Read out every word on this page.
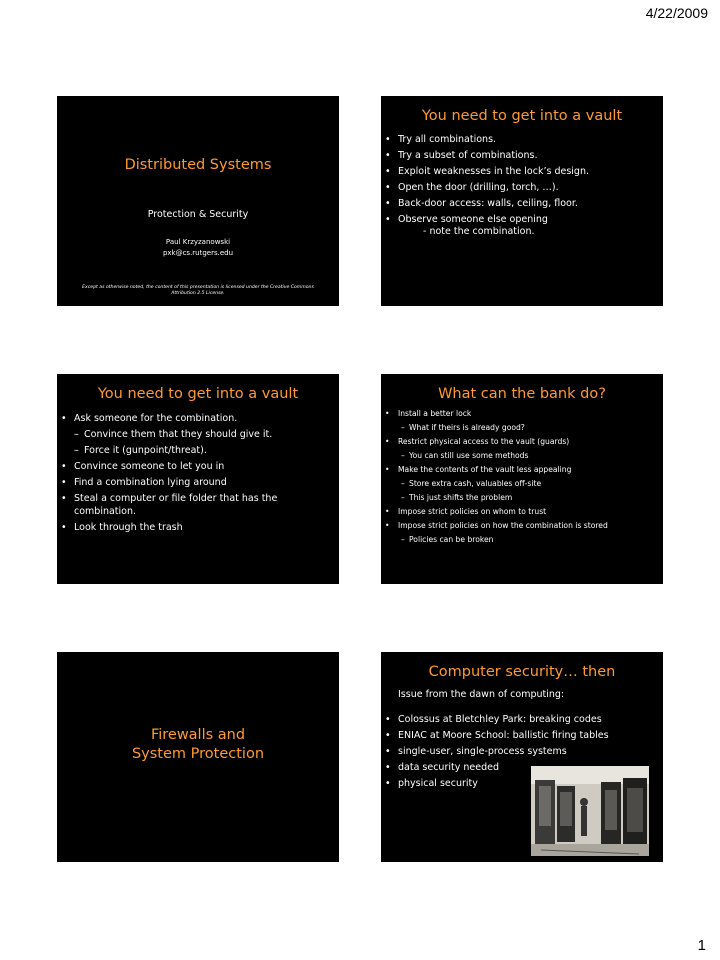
4/22/2009
Distributed Systems
Protection & Security
Paul Krzyzanowski
pxk@cs.rutgers.edu
Except as otherwise noted, the content of this presentation is licensed under the Creative Commons Attribution 2.5 License.
You need to get into a vault
• Try all combinations.
• Try a subset of combinations.
• Exploit weaknesses in the lock’s design.
• Open the door (drilling, torch, …).
• Back-door access: walls, ceiling, floor.
• Observe someone else opening
- note the combination.
You need to get into a vault
• Ask someone for the combination.
– Convince them that they should give it.
– Force it (gunpoint/threat).
• Convince someone to let you in
• Find a combination lying around
• Steal a computer or file folder that has the combination.
• Look through the trash
What can the bank do?
• Install a better lock
– What if theirs is already good?
• Restrict physical access to the vault (guards)
– You can still use some methods
• Make the contents of the vault less appealing
– Store extra cash, valuables off-site
– This just shifts the problem
• Impose strict policies on whom to trust
• Impose strict policies on how the combination is stored
– Policies can be broken
Firewalls and
System Protection
Computer security… then
Issue from the dawn of computing:
• Colossus at Bletchley Park: breaking codes
• ENIAC at Moore School: ballistic firing tables
• single-user, single-process systems
• data security needed
• physical security
1
